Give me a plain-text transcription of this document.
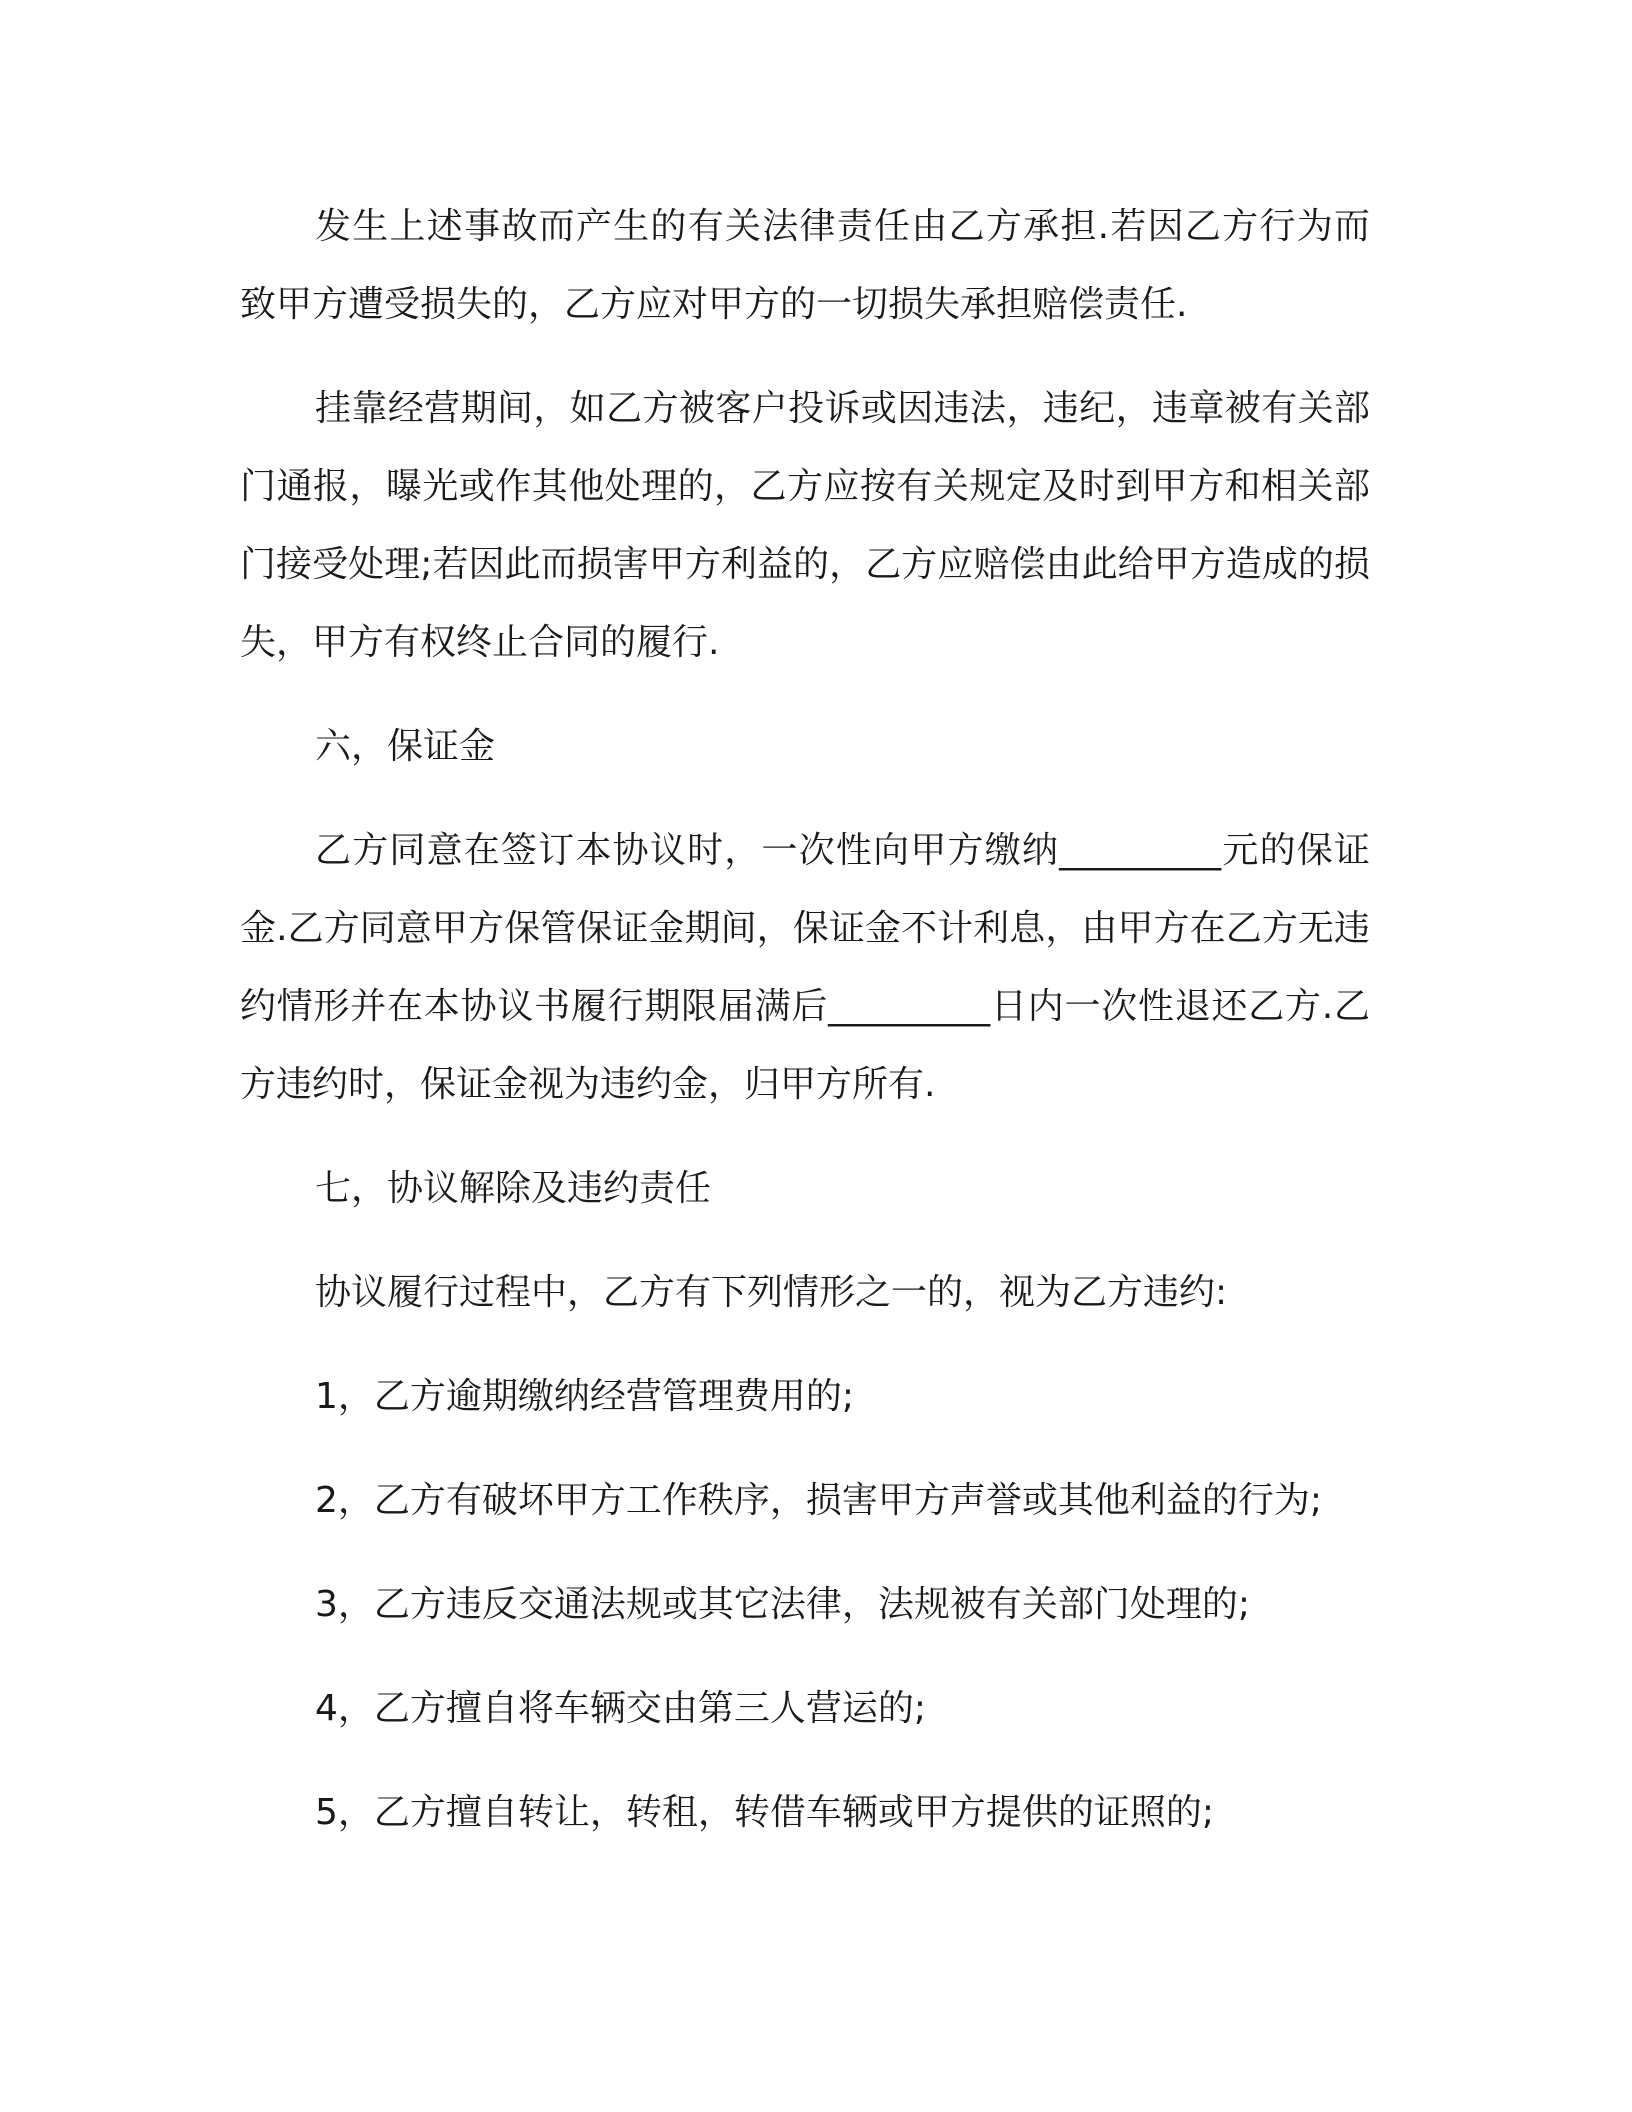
发生上述事故而产生的有关法律责任由乙方承担.若因乙方行为而致甲方遭受损失的，乙方应对甲方的一切损失承担赔偿责任.

挂靠经营期间，如乙方被客户投诉或因违法，违纪，违章被有关部门通报，曝光或作其他处理的，乙方应按有关规定及时到甲方和相关部门接受处理;若因此而损害甲方利益的，乙方应赔偿由此给甲方造成的损失，甲方有权终止合同的履行.

六，保证金

乙方同意在签订本协议时，一次性向甲方缴纳_________元的保证金.乙方同意甲方保管保证金期间，保证金不计利息，由甲方在乙方无违约情形并在本协议书履行期限届满后_________日内一次性退还乙方.乙方违约时，保证金视为违约金，归甲方所有.

七，协议解除及违约责任

协议履行过程中，乙方有下列情形之一的，视为乙方违约:

1，乙方逾期缴纳经营管理费用的;

2，乙方有破坏甲方工作秩序，损害甲方声誉或其他利益的行为;

3，乙方违反交通法规或其它法律，法规被有关部门处理的;

4，乙方擅自将车辆交由第三人营运的;

5，乙方擅自转让，转租，转借车辆或甲方提供的证照的;
